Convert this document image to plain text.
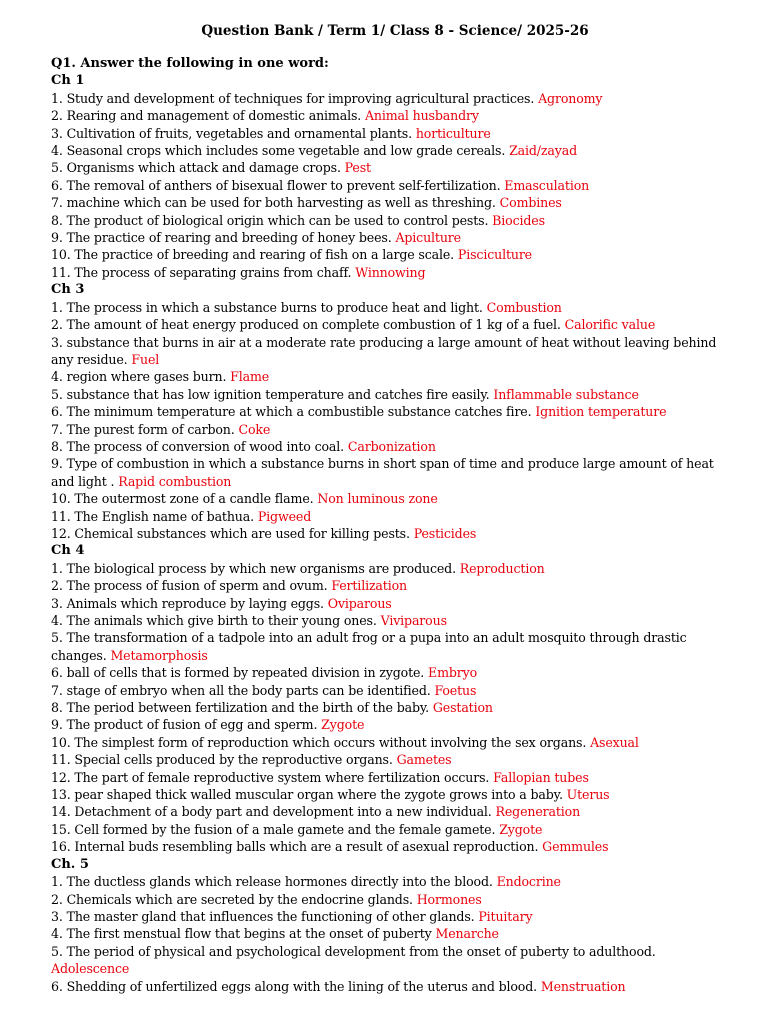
Question Bank / Term 1/ Class 8 - Science/ 2025-26
Q1. Answer the following in one word:
Ch 1
1. Study and development of techniques for improving agricultural practices. Agronomy
2. Rearing and management of domestic animals. Animal husbandry
3. Cultivation of fruits, vegetables and ornamental plants. horticulture
4. Seasonal crops which includes some vegetable and low grade cereals. Zaid/zayad
5. Organisms which attack and damage crops. Pest
6. The removal of anthers of bisexual flower to prevent self-fertilization. Emasculation
7. machine which can be used for both harvesting as well as threshing. Combines
8. The product of biological origin which can be used to control pests. Biocides
9. The practice of rearing and breeding of honey bees. Apiculture
10. The practice of breeding and rearing of fish on a large scale. Pisciculture
11. The process of separating grains from chaff. Winnowing
Ch 3
1. The process in which a substance burns to produce heat and light. Combustion
2. The amount of heat energy produced on complete combustion of 1 kg of a fuel. Calorific value
3. substance that burns in air at a moderate rate producing a large amount of heat without leaving behind any residue. Fuel
4. region where gases burn. Flame
5. substance that has low ignition temperature and catches fire easily. Inflammable substance
6. The minimum temperature at which a combustible substance catches fire. Ignition temperature
7. The purest form of carbon. Coke
8. The process of conversion of wood into coal. Carbonization
9. Type of combustion in which a substance burns in short span of time and produce large amount of heat and light . Rapid combustion
10. The outermost zone of a candle flame. Non luminous zone
11. The English name of bathua. Pigweed
12. Chemical substances which are used for killing pests. Pesticides
Ch 4
1. The biological process by which new organisms are produced. Reproduction
2. The process of fusion of sperm and ovum. Fertilization
3. Animals which reproduce by laying eggs. Oviparous
4. The animals which give birth to their young ones. Viviparous
5. The transformation of a tadpole into an adult frog or a pupa into an adult mosquito through drastic changes. Metamorphosis
6. ball of cells that is formed by repeated division in zygote. Embryo
7. stage of embryo when all the body parts can be identified. Foetus
8. The period between fertilization and the birth of the baby. Gestation
9. The product of fusion of egg and sperm. Zygote
10. The simplest form of reproduction which occurs without involving the sex organs. Asexual
11. Special cells produced by the reproductive organs. Gametes
12. The part of female reproductive system where fertilization occurs. Fallopian tubes
13. pear shaped thick walled muscular organ where the zygote grows into a baby. Uterus
14. Detachment of a body part and development into a new individual. Regeneration
15. Cell formed by the fusion of a male gamete and the female gamete. Zygote
16. Internal buds resembling balls which are a result of asexual reproduction. Gemmules
Ch. 5
1. The ductless glands which release hormones directly into the blood. Endocrine
2. Chemicals which are secreted by the endocrine glands. Hormones
3. The master gland that influences the functioning of other glands. Pituitary
4. The first menstual flow that begins at the onset of puberty Menarche
5. The period of physical and psychological development from the onset of puberty to adulthood. Adolescence
6. Shedding of unfertilized eggs along with the lining of the uterus and blood. Menstruation
